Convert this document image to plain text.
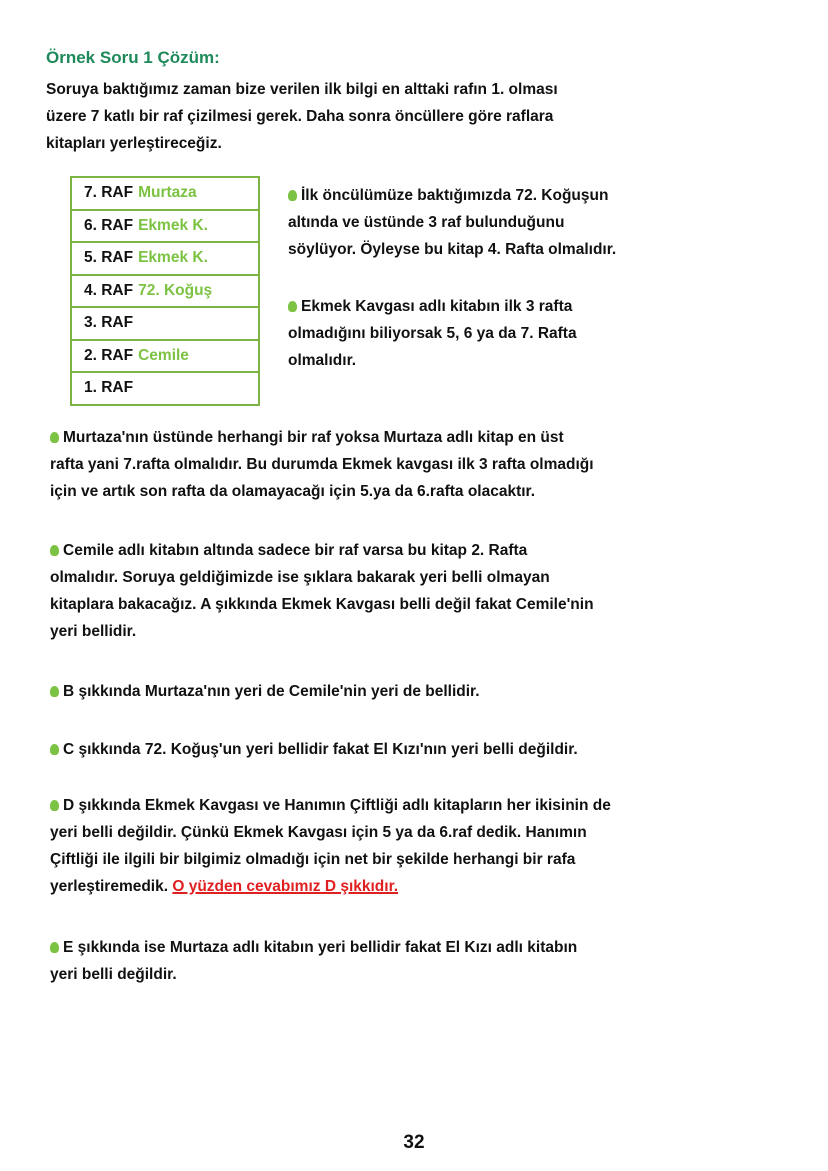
Örnek Soru 1 Çözüm:
Soruya baktığımız zaman bize verilen ilk bilgi en alttaki rafın 1. olması
üzere 7 katlı bir raf çizilmesi gerek. Daha sonra öncüllere göre raflara
kitapları yerleştireceğiz.
7. RAF Murtaza
6. RAF Ekmek K.
5. RAF Ekmek K.
4. RAF 72. Koğuş
3. RAF
2. RAF Cemile
1. RAF
İlk öncülümüze baktığımızda 72. Koğuşun
altında ve üstünde 3 raf bulunduğunu
söylüyor. Öyleyse bu kitap 4. Rafta olmalıdır.
Ekmek Kavgası adlı kitabın ilk 3 rafta
olmadığını biliyorsak 5, 6 ya da 7. Rafta
olmalıdır.
Murtaza'nın üstünde herhangi bir raf yoksa Murtaza adlı kitap en üst
rafta yani 7.rafta olmalıdır. Bu durumda Ekmek kavgası ilk 3 rafta olmadığı
için ve artık son rafta da olamayacağı için 5.ya da 6.rafta olacaktır.
Cemile adlı kitabın altında sadece bir raf varsa bu kitap 2. Rafta
olmalıdır. Soruya geldiğimizde ise şıklara bakarak yeri belli olmayan
kitaplara bakacağız. A şıkkında Ekmek Kavgası belli değil fakat Cemile'nin
yeri bellidir.
B şıkkında Murtaza'nın yeri de Cemile'nin yeri de bellidir.
C şıkkında 72. Koğuş'un yeri bellidir fakat El Kızı'nın yeri belli değildir.
D şıkkında Ekmek Kavgası ve Hanımın Çiftliği adlı kitapların her ikisinin de
yeri belli değildir. Çünkü Ekmek Kavgası için 5 ya da 6.raf dedik. Hanımın
Çiftliği ile ilgili bir bilgimiz olmadığı için net bir şekilde herhangi bir rafa
yerleştiremedik. O yüzden cevabımız D şıkkıdır.
E şıkkında ise Murtaza adlı kitabın yeri bellidir fakat El Kızı adlı kitabın
yeri belli değildir.
32
